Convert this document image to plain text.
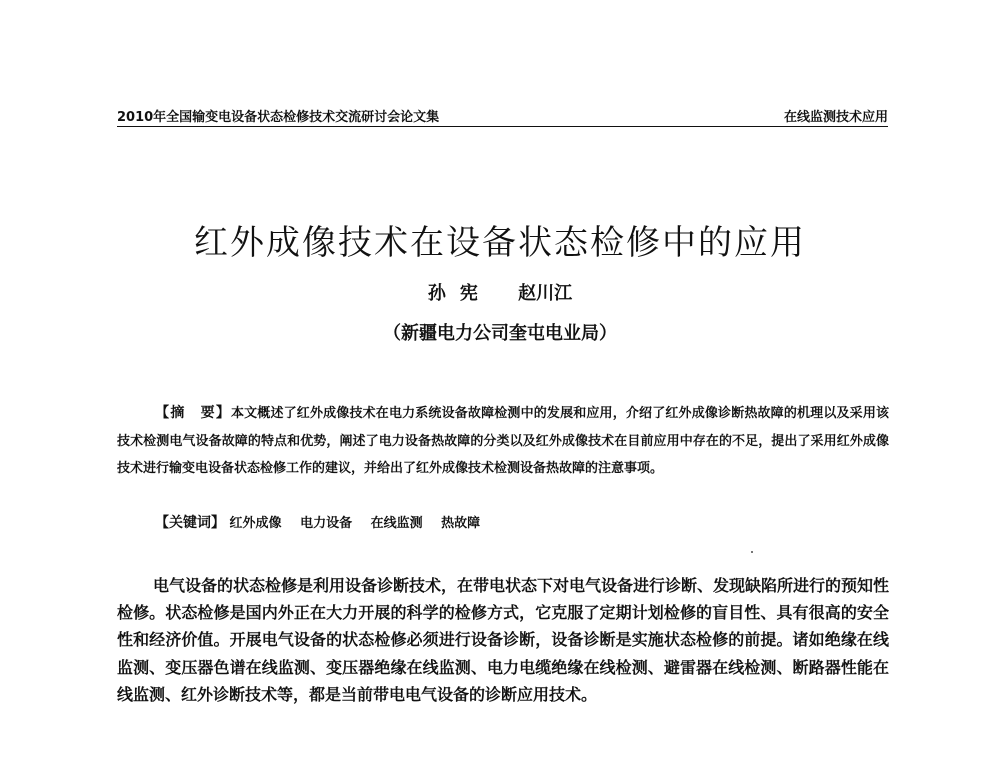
2010年全国输变电设备状态检修技术交流研讨会论文集	在线监测技术应用
红外成像技术在设备状态检修中的应用
孙宪 赵川江
（新疆电力公司奎屯电业局）
【摘　要】本文概述了红外成像技术在电力系统设备故障检测中的发展和应用，介绍了红外成像诊断热故障的机理以及采用该技术检测电气设备故障的特点和优势，阐述了电力设备热故障的分类以及红外成像技术在目前应用中存在的不足，提出了采用红外成像技术进行输变电设备状态检修工作的建议，并给出了红外成像技术检测设备热故障的注意事项。
【关键词】 红外成像 电力设备 在线监测 热故障
电气设备的状态检修是利用设备诊断技术，在带电状态下对电气设备进行诊断、发现缺陷所进行的预知性检修。状态检修是国内外正在大力开展的科学的检修方式，它克服了定期计划检修的盲目性、具有很高的安全性和经济价值。开展电气设备的状态检修必须进行设备诊断，设备诊断是实施状态检修的前提。诸如绝缘在线监测、变压器色谱在线监测、变压器绝缘在线监测、电力电缆绝缘在线检测、避雷器在线检测、断路器性能在线监测、红外诊断技术等，都是当前带电电气设备的诊断应用技术。
